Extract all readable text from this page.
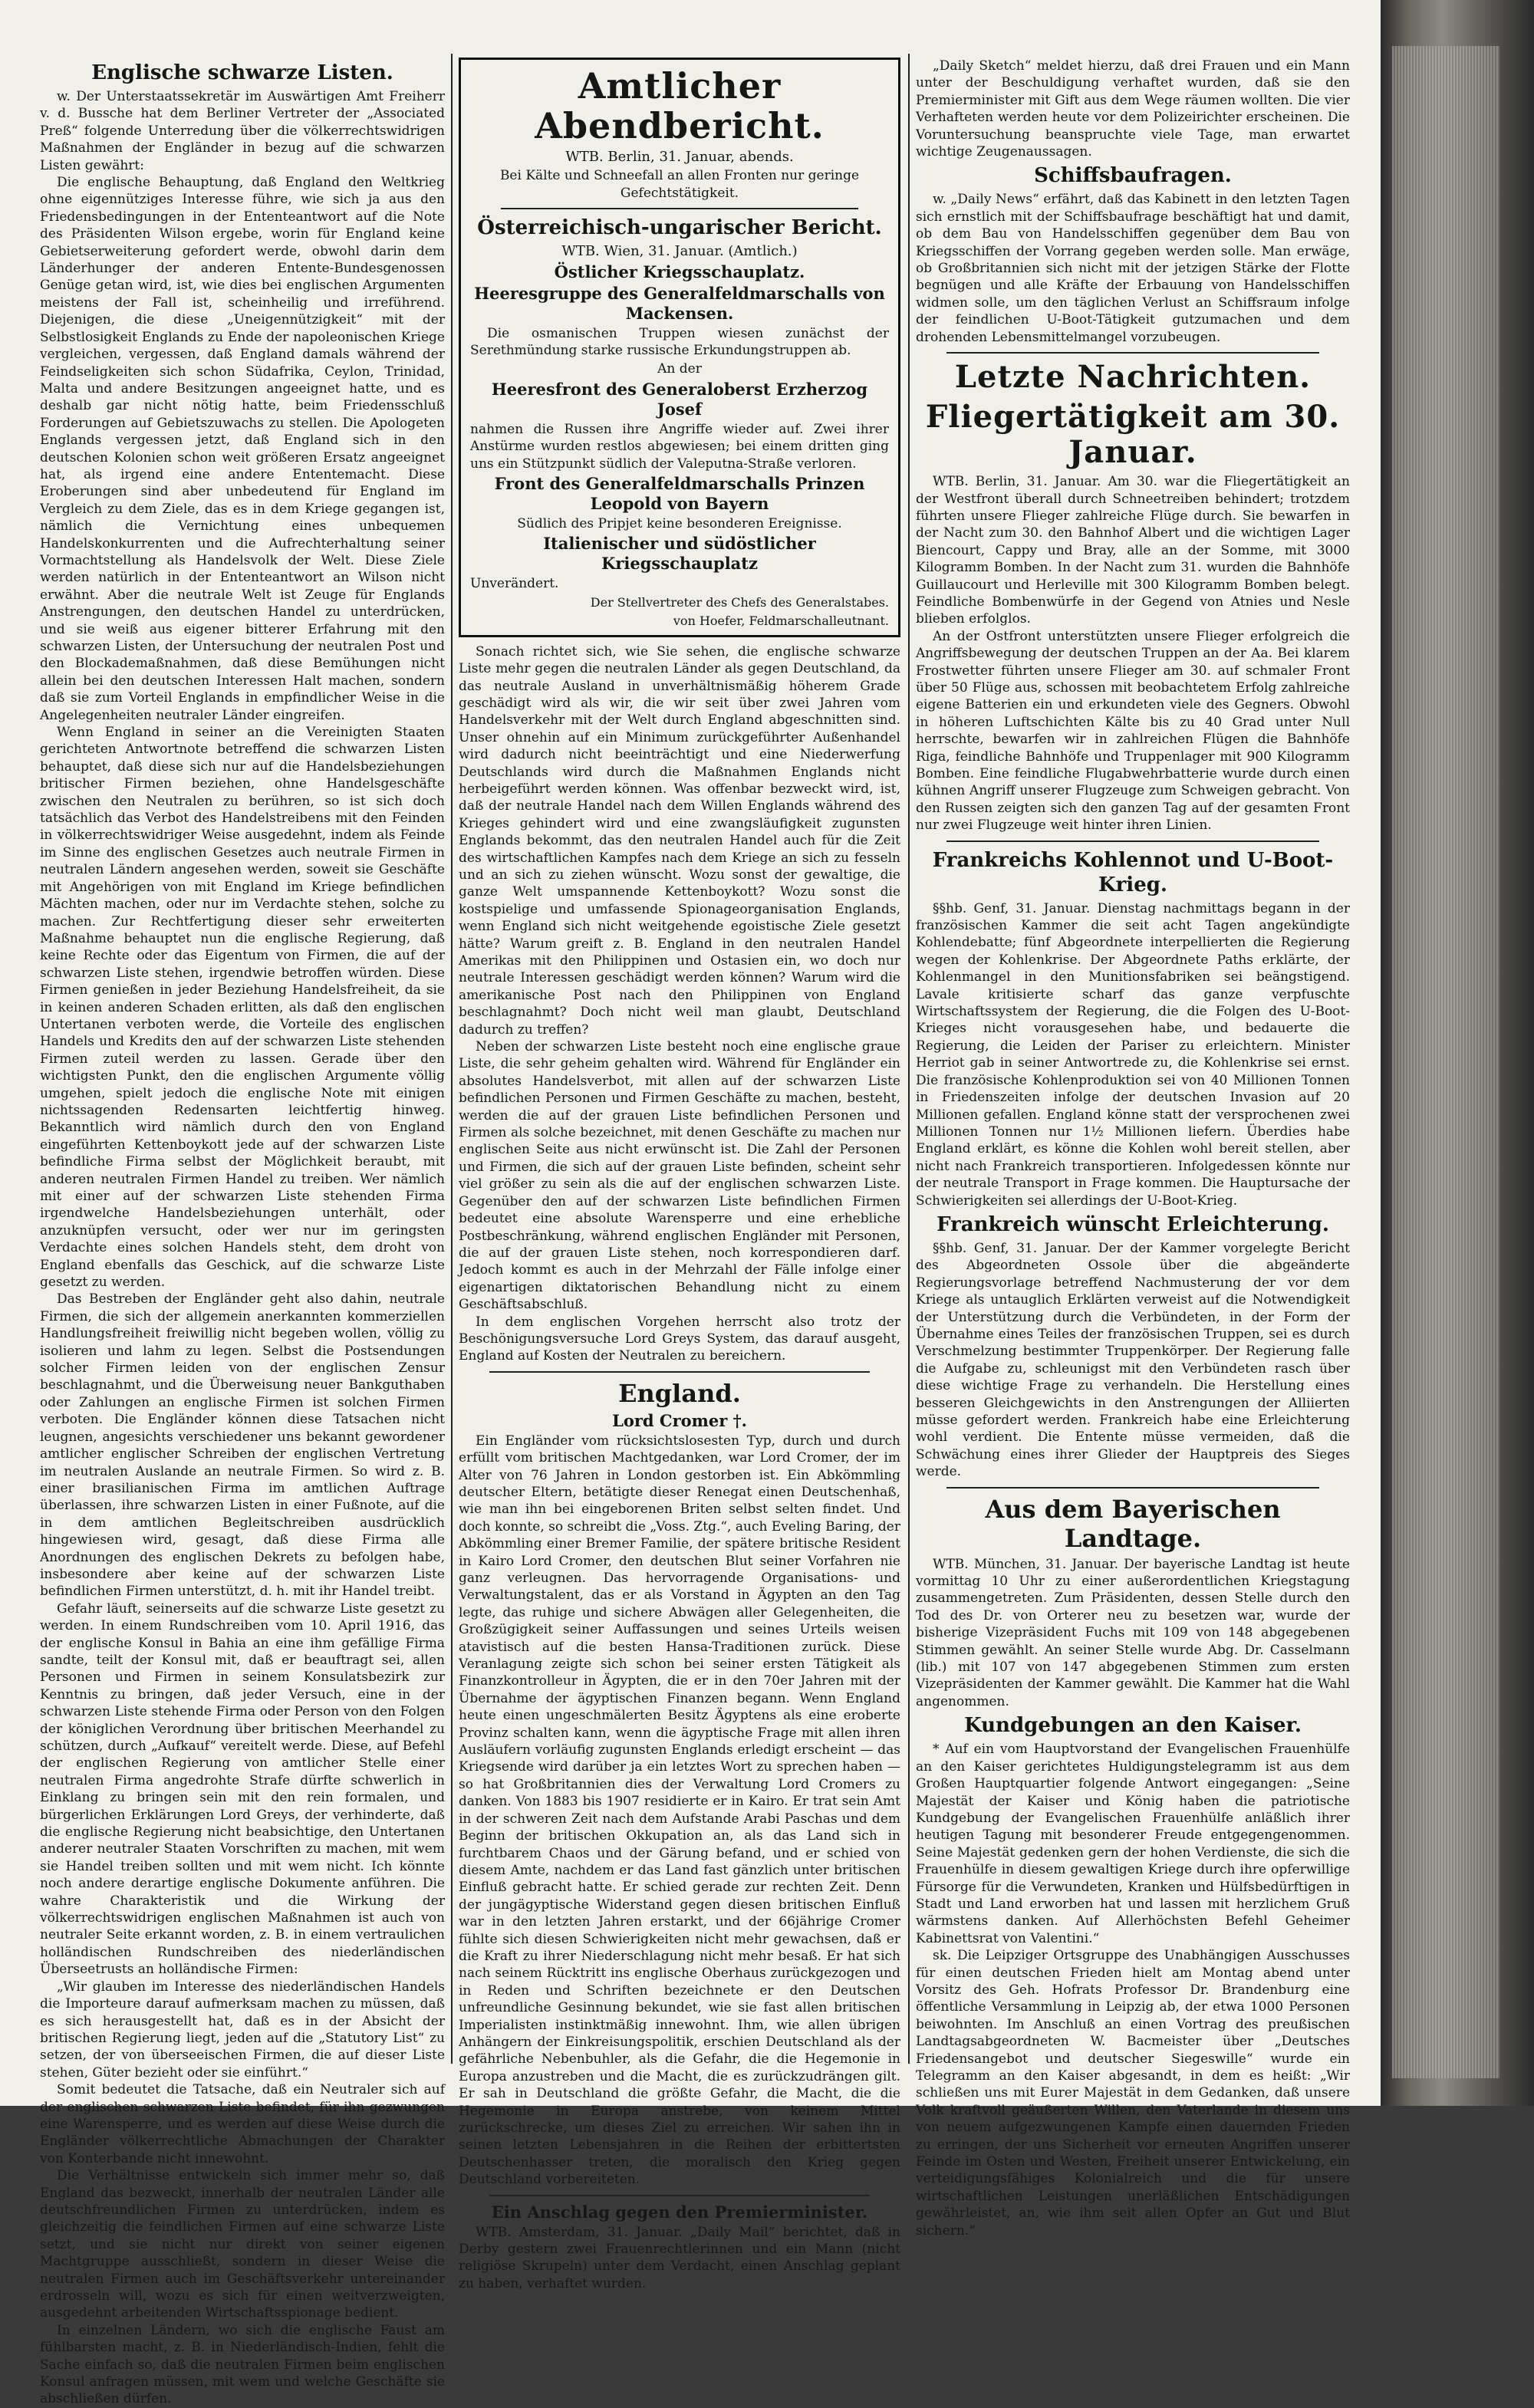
Englische schwarze Listen.

w. Der Unterstaatssekretär im Auswärtigen Amt Freiherr v. d. Bussche hat dem Berliner Vertreter der „Associated Preß“ folgende Unterredung über die völkerrechtswidrigen Maßnahmen der Engländer in bezug auf die schwarzen Listen gewährt:

Die englische Behauptung, daß England den Weltkrieg ohne eigennütziges Interesse führe, wie sich ja aus den Friedensbedingungen in der Ententeantwort auf die Note des Präsidenten Wilson ergebe, worin für England keine Gebietserweiterung gefordert werde, obwohl darin dem Länderhunger der anderen Entente-Bundesgenossen Genüge getan wird, ist, wie dies bei englischen Argumenten meistens der Fall ist, scheinheilig und irreführend. Diejenigen, die diese „Uneigennützigkeit“ mit der Selbstlosigkeit Englands zu Ende der napoleonischen Kriege vergleichen, vergessen, daß England damals während der Feindseligkeiten sich schon Südafrika, Ceylon, Trinidad, Malta und andere Besitzungen angeeignet hatte, und es deshalb gar nicht nötig hatte, beim Friedensschluß Forderungen auf Gebietszuwachs zu stellen. Die Apologeten Englands vergessen jetzt, daß England sich in den deutschen Kolonien schon weit größeren Ersatz angeeignet hat, als irgend eine andere Ententemacht. Diese Eroberungen sind aber unbedeutend für England im Vergleich zu dem Ziele, das es in dem Kriege gegangen ist, nämlich die Vernichtung eines unbequemen Handelskonkurrenten und die Aufrechterhaltung seiner Vormachtstellung als Handelsvolk der Welt. Diese Ziele werden natürlich in der Ententeantwort an Wilson nicht erwähnt. Aber die neutrale Welt ist Zeuge für Englands Anstrengungen, den deutschen Handel zu unterdrücken, und sie weiß aus eigener bitterer Erfahrung mit den schwarzen Listen, der Untersuchung der neutralen Post und den Blockademaßnahmen, daß diese Bemühungen nicht allein bei den deutschen Interessen Halt machen, sondern daß sie zum Vorteil Englands in empfindlicher Weise in die Angelegenheiten neutraler Länder eingreifen.

Wenn England in seiner an die Vereinigten Staaten gerichteten Antwortnote betreffend die schwarzen Listen behauptet, daß diese sich nur auf die Handelsbeziehungen britischer Firmen beziehen, ohne Handelsgeschäfte zwischen den Neutralen zu berühren, so ist sich doch tatsächlich das Verbot des Handelstreibens mit den Feinden in völkerrechtswidriger Weise ausgedehnt, indem als Feinde im Sinne des englischen Gesetzes auch neutrale Firmen in neutralen Ländern angesehen werden, soweit sie Geschäfte mit Angehörigen von mit England im Kriege befindlichen Mächten machen, oder nur im Verdachte stehen, solche zu machen. Zur Rechtfertigung dieser sehr erweiterten Maßnahme behauptet nun die englische Regierung, daß keine Rechte oder das Eigentum von Firmen, die auf der schwarzen Liste stehen, irgendwie betroffen würden. Diese Firmen genießen in jeder Beziehung Handelsfreiheit, da sie in keinen anderen Schaden erlitten, als daß den englischen Untertanen verboten werde, die Vorteile des englischen Handels und Kredits den auf der schwarzen Liste stehenden Firmen zuteil werden zu lassen. Gerade über den wichtigsten Punkt, den die englischen Argumente völlig umgehen, spielt jedoch die englische Note mit einigen nichtssagenden Redensarten leichtfertig hinweg. Bekanntlich wird nämlich durch den von England eingeführten Kettenboykott jede auf der schwarzen Liste befindliche Firma selbst der Möglichkeit beraubt, mit anderen neutralen Firmen Handel zu treiben. Wer nämlich mit einer auf der schwarzen Liste stehenden Firma irgendwelche Handelsbeziehungen unterhält, oder anzuknüpfen versucht, oder wer nur im geringsten Verdachte eines solchen Handels steht, dem droht von England ebenfalls das Geschick, auf die schwarze Liste gesetzt zu werden.

Das Bestreben der Engländer geht also dahin, neutrale Firmen, die sich der allgemein anerkannten kommerziellen Handlungsfreiheit freiwillig nicht begeben wollen, völlig zu isolieren und lahm zu legen. Selbst die Postsendungen solcher Firmen leiden von der englischen Zensur beschlagnahmt, und die Überweisung neuer Bankguthaben oder Zahlungen an englische Firmen ist solchen Firmen verboten. Die Engländer können diese Tatsachen nicht leugnen, angesichts verschiedener uns bekannt gewordener amtlicher englischer Schreiben der englischen Vertretung im neutralen Auslande an neutrale Firmen. So wird z. B. einer brasilianischen Firma im amtlichen Auftrage überlassen, ihre schwarzen Listen in einer Fußnote, auf die in dem amtlichen Begleitschreiben ausdrücklich hingewiesen wird, gesagt, daß diese Firma alle Anordnungen des englischen Dekrets zu befolgen habe, insbesondere aber keine auf der schwarzen Liste befindlichen Firmen unterstützt, d. h. mit ihr Handel treibt.

Gefahr läuft, seinerseits auf die schwarze Liste gesetzt zu werden. In einem Rundschreiben vom 10. April 1916, das der englische Konsul in Bahia an eine ihm gefällige Firma sandte, teilt der Konsul mit, daß er beauftragt sei, allen Personen und Firmen in seinem Konsulatsbezirk zur Kenntnis zu bringen, daß jeder Versuch, eine in der schwarzen Liste stehende Firma oder Person von den Folgen der königlichen Verordnung über britischen Meerhandel zu schützen, durch „Aufkauf“ vereitelt werde. Diese, auf Befehl der englischen Regierung von amtlicher Stelle einer neutralen Firma angedrohte Strafe dürfte schwerlich in Einklang zu bringen sein mit den rein formalen, und bürgerlichen Erklärungen Lord Greys, der verhinderte, daß die englische Regierung nicht beabsichtige, den Untertanen anderer neutraler Staaten Vorschriften zu machen, mit wem sie Handel treiben sollten und mit wem nicht. Ich könnte noch andere derartige englische Dokumente anführen. Die wahre Charakteristik und die Wirkung der völkerrechtswidrigen englischen Maßnahmen ist auch von neutraler Seite erkannt worden, z. B. in einem vertraulichen holländischen Rundschreiben des niederländischen Überseetrusts an holländische Firmen:

„Wir glauben im Interesse des niederländischen Handels die Importeure darauf aufmerksam machen zu müssen, daß es sich herausgestellt hat, daß es in der Absicht der britischen Regierung liegt, jeden auf die „Statutory List“ zu setzen, der von überseeischen Firmen, die auf dieser Liste stehen, Güter bezieht oder sie einführt.“

Somit bedeutet die Tatsache, daß ein Neutraler sich auf der englischen schwarzen Liste befindet, für ihn gezwungen eine Warensperre, und es werden auf diese Weise durch die Engländer völkerrechtliche Abmachungen der Charakter von Konterbande nicht innewohnt.

Die Verhältnisse entwickeln sich immer mehr so, daß England das bezweckt, innerhalb der neutralen Länder alle deutschfreundlichen Firmen zu unterdrücken, indem es gleichzeitig die feindlichen Firmen auf eine schwarze Liste setzt, und sie nicht nur direkt von seiner eigenen Machtgruppe ausschließt, sondern in dieser Weise die neutralen Firmen auch im Geschäftsverkehr untereinander erdrosseln will, wozu es sich für einen weitverzweigten, ausgedehnt arbeitenden Wirtschaftsspionage bedient.

In einzelnen Ländern, wo sich die englische Faust am fühlbarsten macht, z. B. in Niederländisch-Indien, fehlt die Sache einfach so, daß die neutralen Firmen beim englischen Konsul anfragen müssen, mit wem und welche Geschäfte sie abschließen dürfen.

Amtlicher Abendbericht.
WTB. Berlin, 31. Januar, abends.

Bei Kälte und Schneefall an allen Fronten nur geringe Gefechtstätigkeit.

Österreichisch-ungarischer Bericht.
WTB. Wien, 31. Januar. (Amtlich.)
Östlicher Kriegsschauplatz.
Heeresgruppe des Generalfeldmarschalls von Mackensen.

Die osmanischen Truppen wiesen zunächst der Serethmündung starke russische Erkundungstruppen ab.

An der

Heeresfront des Generaloberst Erzherzog Josef

nahmen die Russen ihre Angriffe wieder auf. Zwei ihrer Anstürme wurden restlos abgewiesen; bei einem dritten ging uns ein Stützpunkt südlich der Valeputna-Straße verloren.

Front des Generalfeldmarschalls Prinzen Leopold von Bayern

Südlich des Pripjet keine besonderen Ereignisse.

Italienischer und südöstlicher Kriegsschauplatz

Unverändert.

Der Stellvertreter des Chefs des Generalstabes.
von Hoefer, Feldmarschalleutnant.

Sonach richtet sich, wie Sie sehen, die englische schwarze Liste mehr gegen die neutralen Länder als gegen Deutschland, da das neutrale Ausland in unverhältnismäßig höherem Grade geschädigt wird als wir, die wir seit über zwei Jahren vom Handelsverkehr mit der Welt durch England abgeschnitten sind. Unser ohnehin auf ein Minimum zurückgeführter Außenhandel wird dadurch nicht beeinträchtigt und eine Niederwerfung Deutschlands wird durch die Maßnahmen Englands nicht herbeigeführt werden können. Was offenbar bezweckt wird, ist, daß der neutrale Handel nach dem Willen Englands während des Krieges gehindert wird und eine zwangsläufigkeit zugunsten Englands bekommt, das den neutralen Handel auch für die Zeit des wirtschaftlichen Kampfes nach dem Kriege an sich zu fesseln und an sich zu ziehen wünscht. Wozu sonst der gewaltige, die ganze Welt umspannende Kettenboykott? Wozu sonst die kostspielige und umfassende Spionageorganisation Englands, wenn England sich nicht weitgehende egoistische Ziele gesetzt hätte? Warum greift z. B. England in den neutralen Handel Amerikas mit den Philippinen und Ostasien ein, wo doch nur neutrale Interessen geschädigt werden können? Warum wird die amerikanische Post nach den Philippinen von England beschlagnahmt? Doch nicht weil man glaubt, Deutschland dadurch zu treffen?

Neben der schwarzen Liste besteht noch eine englische graue Liste, die sehr geheim gehalten wird. Während für Engländer ein absolutes Handelsverbot, mit allen auf der schwarzen Liste befindlichen Personen und Firmen Geschäfte zu machen, besteht, werden die auf der grauen Liste befindlichen Personen und Firmen als solche bezeichnet, mit denen Geschäfte zu machen nur englischen Seite aus nicht erwünscht ist. Die Zahl der Personen und Firmen, die sich auf der grauen Liste befinden, scheint sehr viel größer zu sein als die auf der englischen schwarzen Liste. Gegenüber den auf der schwarzen Liste befindlichen Firmen bedeutet eine absolute Warensperre und eine erhebliche Postbeschränkung, während englischen Engländer mit Personen, die auf der grauen Liste stehen, noch korrespondieren darf. Jedoch kommt es auch in der Mehrzahl der Fälle infolge einer eigenartigen diktatorischen Behandlung nicht zu einem Geschäftsabschluß.

In dem englischen Vorgehen herrscht also trotz der Beschönigungsversuche Lord Greys System, das darauf ausgeht, England auf Kosten der Neutralen zu bereichern.

England.
Lord Cromer †.

Ein Engländer vom rücksichtslosesten Typ, durch und durch erfüllt vom britischen Machtgedanken, war Lord Cromer, der im Alter von 76 Jahren in London gestorben ist. Ein Abkömmling deutscher Eltern, betätigte dieser Renegat einen Deutschenhaß, wie man ihn bei eingeborenen Briten selbst selten findet. Und doch konnte, so schreibt die „Voss. Ztg.“, auch Eveling Baring, der Abkömmling einer Bremer Familie, der spätere britische Resident in Kairo Lord Cromer, den deutschen Blut seiner Vorfahren nie ganz verleugnen. Das hervorragende Organisations- und Verwaltungstalent, das er als Vorstand in Ägypten an den Tag legte, das ruhige und sichere Abwägen aller Gelegenheiten, die Großzügigkeit seiner Auffassungen und seines Urteils weisen atavistisch auf die besten Hansa-Traditionen zurück. Diese Veranlagung zeigte sich schon bei seiner ersten Tätigkeit als Finanzkontrolleur in Ägypten, die er in den 70er Jahren mit der Übernahme der ägyptischen Finanzen begann. Wenn England heute einen ungeschmälerten Besitz Ägyptens als eine eroberte Provinz schalten kann, wenn die ägyptische Frage mit allen ihren Ausläufern vorläufig zugunsten Englands erledigt erscheint — das Kriegsende wird darüber ja ein letztes Wort zu sprechen haben — so hat Großbritannien dies der Verwaltung Lord Cromers zu danken. Von 1883 bis 1907 residierte er in Kairo. Er trat sein Amt in der schweren Zeit nach dem Aufstande Arabi Paschas und dem Beginn der britischen Okkupation an, als das Land sich in furchtbarem Chaos und der Gärung befand, und er schied von diesem Amte, nachdem er das Land fast gänzlich unter britischen Einfluß gebracht hatte. Er schied gerade zur rechten Zeit. Denn der jungägyptische Widerstand gegen diesen britischen Einfluß war in den letzten Jahren erstarkt, und der 66jährige Cromer fühlte sich diesen Schwierigkeiten nicht mehr gewachsen, daß er die Kraft zu ihrer Niederschlagung nicht mehr besaß. Er hat sich nach seinem Rücktritt ins englische Oberhaus zurückgezogen und in Reden und Schriften bezeichnete er den Deutschen unfreundliche Gesinnung bekundet, wie sie fast allen britischen Imperialisten instinktmäßig innewohnt. Ihm, wie allen übrigen Anhängern der Einkreisungspolitik, erschien Deutschland als der gefährliche Nebenbuhler, als die Gefahr, die die Hegemonie in Europa anzustreben und die Macht, die es zurückzudrängen gilt. Er sah in Deutschland die größte Gefahr, die Macht, die die Hegemonie in Europa anstrebe, von keinem Mittel zurückschrecke, um dieses Ziel zu erreichen. Wir sahen ihn in seinen letzten Lebensjahren in die Reihen der erbittertsten Deutschenhasser treten, die moralisch den Krieg gegen Deutschland vorbereiteten.

Ein Anschlag gegen den Premierminister.

WTB. Amsterdam, 31. Januar. „Daily Mail“ berichtet, daß in Derby gestern zwei Frauenrechtlerinnen und ein Mann (nicht religiöse Skrupeln) unter dem Verdacht, einen Anschlag geplant zu haben, verhaftet wurden.

„Daily Sketch“ meldet hierzu, daß drei Frauen und ein Mann unter der Beschuldigung verhaftet wurden, daß sie den Premierminister mit Gift aus dem Wege räumen wollten. Die vier Verhafteten werden heute vor dem Polizeirichter erscheinen. Die Voruntersuchung beanspruchte viele Tage, man erwartet wichtige Zeugenaussagen.

Schiffsbaufragen.

w. „Daily News“ erfährt, daß das Kabinett in den letzten Tagen sich ernstlich mit der Schiffsbaufrage beschäftigt hat und damit, ob dem Bau von Handelsschiffen gegenüber dem Bau von Kriegsschiffen der Vorrang gegeben werden solle. Man erwäge, ob Großbritannien sich nicht mit der jetzigen Stärke der Flotte begnügen und alle Kräfte der Erbauung von Handelsschiffen widmen solle, um den täglichen Verlust an Schiffsraum infolge der feindlichen U-Boot-Tätigkeit gutzumachen und dem drohenden Lebensmittelmangel vorzubeugen.

Letzte Nachrichten.
Fliegertätigkeit am 30. Januar.

WTB. Berlin, 31. Januar. Am 30. war die Fliegertätigkeit an der Westfront überall durch Schneetreiben behindert; trotzdem führten unsere Flieger zahlreiche Flüge durch. Sie bewarfen in der Nacht zum 30. den Bahnhof Albert und die wichtigen Lager Biencourt, Cappy und Bray, alle an der Somme, mit 3000 Kilogramm Bomben. In der Nacht zum 31. wurden die Bahnhöfe Guillaucourt und Herleville mit 300 Kilogramm Bomben belegt. Feindliche Bombenwürfe in der Gegend von Atnies und Nesle blieben erfolglos.

An der Ostfront unterstützten unsere Flieger erfolgreich die Angriffsbewegung der deutschen Truppen an der Aa. Bei klarem Frostwetter führten unsere Flieger am 30. auf schmaler Front über 50 Flüge aus, schossen mit beobachtetem Erfolg zahlreiche eigene Batterien ein und erkundeten viele des Gegners. Obwohl in höheren Luftschichten Kälte bis zu 40 Grad unter Null herrschte, bewarfen wir in zahlreichen Flügen die Bahnhöfe Riga, feindliche Bahnhöfe und Truppenlager mit 900 Kilogramm Bomben. Eine feindliche Flugabwehrbatterie wurde durch einen kühnen Angriff unserer Flugzeuge zum Schweigen gebracht. Von den Russen zeigten sich den ganzen Tag auf der gesamten Front nur zwei Flugzeuge weit hinter ihren Linien.

Frankreichs Kohlennot und U-Boot-Krieg.

§§hb. Genf, 31. Januar. Dienstag nachmittags begann in der französischen Kammer die seit acht Tagen angekündigte Kohlendebatte; fünf Abgeordnete interpellierten die Regierung wegen der Kohlenkrise. Der Abgeordnete Paths erklärte, der Kohlenmangel in den Munitionsfabriken sei beängstigend. Lavale kritisierte scharf das ganze verpfuschte Wirtschaftssystem der Regierung, die die Folgen des U-Boot-Krieges nicht vorausgesehen habe, und bedauerte die Regierung, die Leiden der Pariser zu erleichtern. Minister Herriot gab in seiner Antwortrede zu, die Kohlenkrise sei ernst. Die französische Kohlenproduktion sei von 40 Millionen Tonnen in Friedenszeiten infolge der deutschen Invasion auf 20 Millionen gefallen. England könne statt der versprochenen zwei Millionen Tonnen nur 1½ Millionen liefern. Überdies habe England erklärt, es könne die Kohlen wohl bereit stellen, aber nicht nach Frankreich transportieren. Infolgedessen könnte nur der neutrale Transport in Frage kommen. Die Hauptursache der Schwierigkeiten sei allerdings der U-Boot-Krieg.

Frankreich wünscht Erleichterung.

§§hb. Genf, 31. Januar. Der der Kammer vorgelegte Bericht des Abgeordneten Ossole über die abgeänderte Regierungsvorlage betreffend Nachmusterung der vor dem Kriege als untauglich Erklärten verweist auf die Notwendigkeit der Unterstützung durch die Verbündeten, in der Form der Übernahme eines Teiles der französischen Truppen, sei es durch Verschmelzung bestimmter Truppenkörper. Der Regierung falle die Aufgabe zu, schleunigst mit den Verbündeten rasch über diese wichtige Frage zu verhandeln. Die Herstellung eines besseren Gleichgewichts in den Anstrengungen der Alliierten müsse gefordert werden. Frankreich habe eine Erleichterung wohl verdient. Die Entente müsse vermeiden, daß die Schwächung eines ihrer Glieder der Hauptpreis des Sieges werde.

Aus dem Bayerischen Landtage.

WTB. München, 31. Januar. Der bayerische Landtag ist heute vormittag 10 Uhr zu einer außerordentlichen Kriegstagung zusammengetreten. Zum Präsidenten, dessen Stelle durch den Tod des Dr. von Orterer neu zu besetzen war, wurde der bisherige Vizepräsident Fuchs mit 109 von 148 abgegebenen Stimmen gewählt. An seiner Stelle wurde Abg. Dr. Casselmann (lib.) mit 107 von 147 abgegebenen Stimmen zum ersten Vizepräsidenten der Kammer gewählt. Die Kammer hat die Wahl angenommen.

Kundgebungen an den Kaiser.

* Auf ein vom Hauptvorstand der Evangelischen Frauenhülfe an den Kaiser gerichtetes Huldigungstelegramm ist aus dem Großen Hauptquartier folgende Antwort eingegangen: „Seine Majestät der Kaiser und König haben die patriotische Kundgebung der Evangelischen Frauenhülfe anläßlich ihrer heutigen Tagung mit besonderer Freude entgegengenommen. Seine Majestät gedenken gern der hohen Verdienste, die sich die Frauenhülfe in diesem gewaltigen Kriege durch ihre opferwillige Fürsorge für die Verwundeten, Kranken und Hülfsbedürftigen in Stadt und Land erworben hat und lassen mit herzlichem Gruß wärmstens danken. Auf Allerhöchsten Befehl Geheimer Kabinettsrat von Valentini.“

sk. Die Leipziger Ortsgruppe des Unabhängigen Ausschusses für einen deutschen Frieden hielt am Montag abend unter Vorsitz des Geh. Hofrats Professor Dr. Brandenburg eine öffentliche Versammlung in Leipzig ab, der etwa 1000 Personen beiwohnten. Im Anschluß an einen Vortrag des preußischen Landtagsabgeordneten W. Bacmeister über „Deutsches Friedensangebot und deutscher Siegeswille“ wurde ein Telegramm an den Kaiser abgesandt, in dem es heißt: „Wir schließen uns mit Eurer Majestät in dem Gedanken, daß unsere Volk kraftvoll geäußerten Willen, den Vaterlande in diesem uns von neuem aufgezwungenen Kampfe einen dauernden Frieden zu erringen, der uns Sicherheit vor erneuten Angriffen unserer Feinde im Osten und Westen, Freiheit unserer Entwickelung, ein verteidigungsfähiges Kolonialreich und die für unsere wirtschaftlichen Leistungen unerläßlichen Entschädigungen gewährleistet, an, wie ihm seit allen Opfer an Gut und Blut sichern.“
